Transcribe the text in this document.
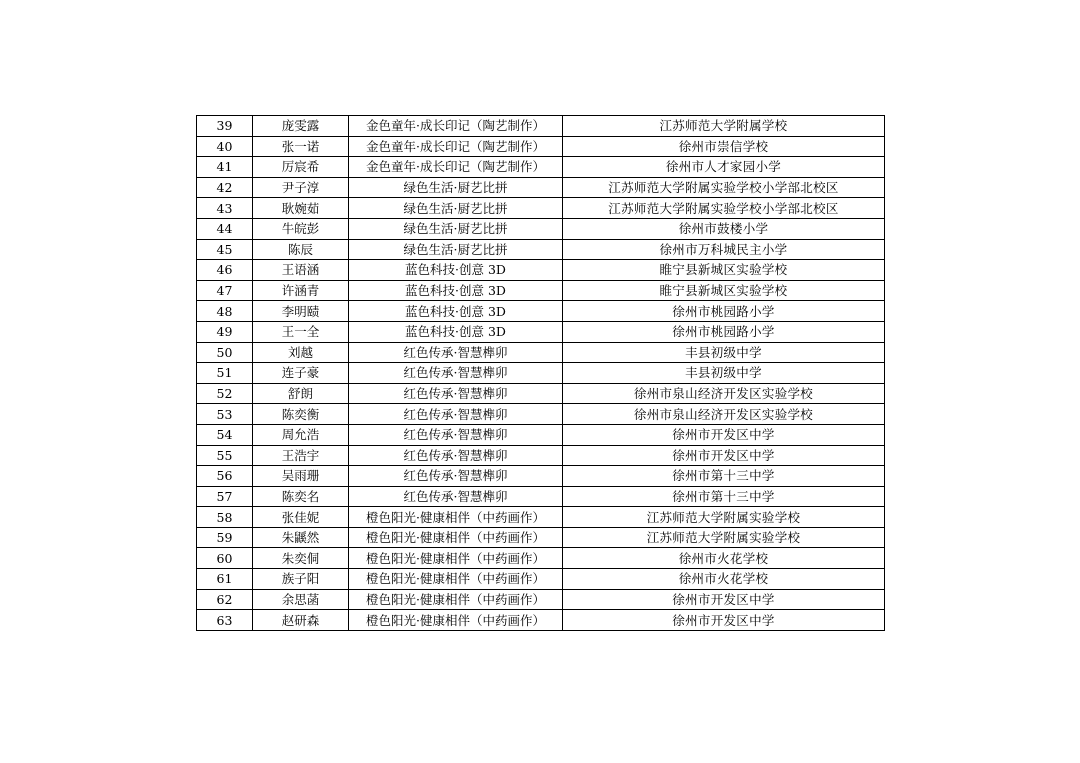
39	庞雯露	金色童年·成长印记（陶艺制作）	江苏师范大学附属学校
40	张一诺	金色童年·成长印记（陶艺制作）	徐州市崇信学校
41	厉宸希	金色童年·成长印记（陶艺制作）	徐州市人才家园小学
42	尹子淳	绿色生活·厨艺比拼	江苏师范大学附属实验学校小学部北校区
43	耿婉茹	绿色生活·厨艺比拼	江苏师范大学附属实验学校小学部北校区
44	牛皖彭	绿色生活·厨艺比拼	徐州市鼓楼小学
45	陈辰	绿色生活·厨艺比拼	徐州市万科城民主小学
46	王语涵	蓝色科技·创意 3D	睢宁县新城区实验学校
47	许涵青	蓝色科技·创意 3D	睢宁县新城区实验学校
48	李明赜	蓝色科技·创意 3D	徐州市桃园路小学
49	王一全	蓝色科技·创意 3D	徐州市桃园路小学
50	刘越	红色传承·智慧榫卯	丰县初级中学
51	连子豪	红色传承·智慧榫卯	丰县初级中学
52	舒朗	红色传承·智慧榫卯	徐州市泉山经济开发区实验学校
53	陈奕衡	红色传承·智慧榫卯	徐州市泉山经济开发区实验学校
54	周允浩	红色传承·智慧榫卯	徐州市开发区中学
55	王浩宇	红色传承·智慧榫卯	徐州市开发区中学
56	吴雨珊	红色传承·智慧榫卯	徐州市第十三中学
57	陈奕名	红色传承·智慧榫卯	徐州市第十三中学
58	张佳妮	橙色阳光·健康相伴（中药画作）	江苏师范大学附属实验学校
59	朱鼷然	橙色阳光·健康相伴（中药画作）	江苏师范大学附属实验学校
60	朱奕侗	橙色阳光·健康相伴（中药画作）	徐州市火花学校
61	族子阳	橙色阳光·健康相伴（中药画作）	徐州市火花学校
62	余思菡	橙色阳光·健康相伴（中药画作）	徐州市开发区中学
63	赵研森	橙色阳光·健康相伴（中药画作）	徐州市开发区中学
